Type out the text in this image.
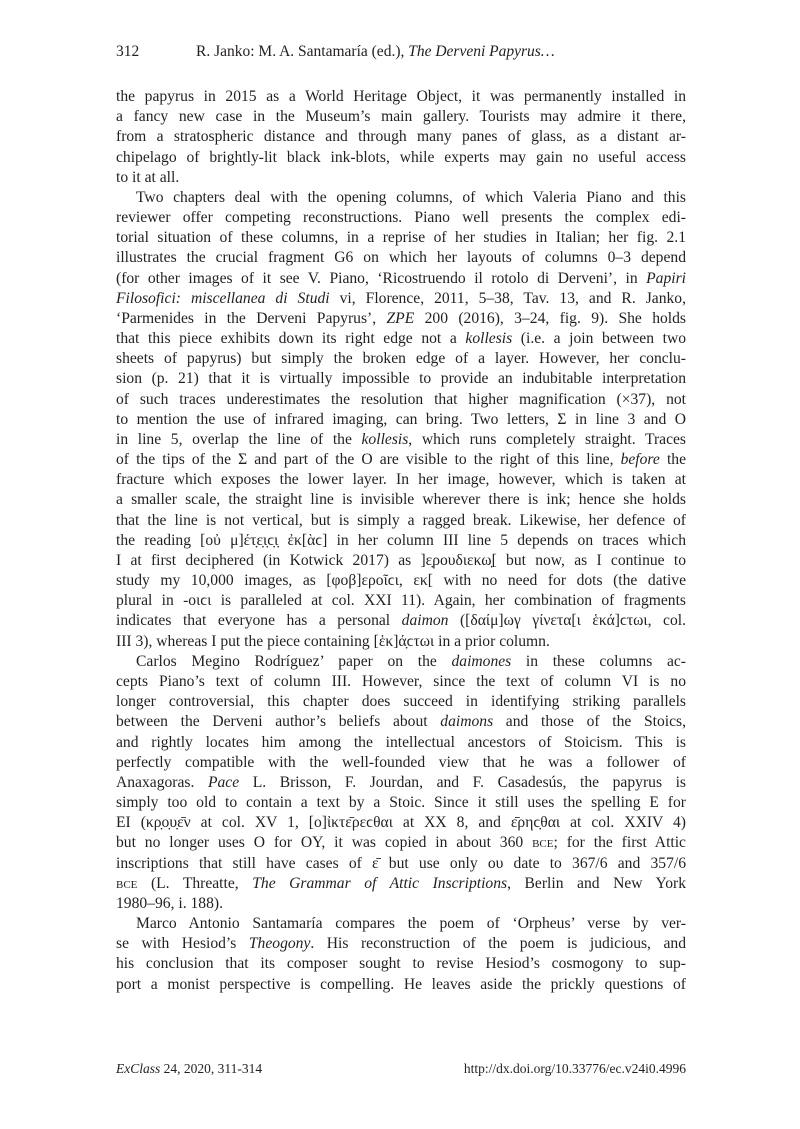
312	R. Janko: M. A. Santamaría (ed.), The Derveni Papyrus…
the papyrus in 2015 as a World Heritage Object, it was permanently installed in
a fancy new case in the Museum’s main gallery. Tourists may admire it there,
from a stratospheric distance and through many panes of glass, as a distant ar-
chipelago of brightly-lit black ink-blots, while experts may gain no useful access
to it at all.
Two chapters deal with the opening columns, of which Valeria Piano and this
reviewer offer competing reconstructions. Piano well presents the complex edi-
torial situation of these columns, in a reprise of her studies in Italian; her fig. 2.1
illustrates the crucial fragment G6 on which her layouts of columns 0–3 depend
(for other images of it see V. Piano, ‘Ricostruendo il rotolo di Derveni’, in Papiri
Filosofici: miscellanea di Studi vi, Florence, 2011, 5–38, Tav. 13, and R. Janko,
‘Parmenides in the Derveni Papyrus’, ZPE 200 (2016), 3–24, fig. 9). She holds
that this piece exhibits down its right edge not a kollesis (i.e. a join between two
sheets of papyrus) but simply the broken edge of a layer. However, her conclu-
sion (p. 21) that it is virtually impossible to provide an indubitable interpretation
of such traces underestimates the resolution that higher magnification (×37), not
to mention the use of infrared imaging, can bring. Two letters, Σ in line 3 and O
in line 5, overlap the line of the kollesis, which runs completely straight. Traces
of the tips of the Σ and part of the O are visible to the right of this line, before the
fracture which exposes the lower layer. In her image, however, which is taken at
a smaller scale, the straight line is invisible wherever there is ink; hence she holds
that the line is not vertical, but is simply a ragged break. Likewise, her defence of
the reading [οὐ μ]έτ̣ε̣ι̣ϲ̣ι̣ ἐκ[ὰϲ] in her column III line 5 depends on traces which
I at first deciphered (in Kotwick 2017) as ]ε̣ρουδιεκω̣[ but now, as I continue to
study my 10,000 images, as [φοβ]εροῖϲι, εκ[ with no need for dots (the dative
plural in -οιϲι is paralleled at col. XXI 11). Again, her combination of fragments
indicates that everyone has a personal daimon ([δαίμ]ωγ γίνετα[ι ἑκά]ϲτωι, col.
III 3), whereas I put the piece containing [ἑκ]ά̣ϲτωι in a prior column.
Carlos Megino Rodríguez’ paper on the daimones in these columns ac-
cepts Piano’s text of column III. However, since the text of column VI is no
longer controversial, this chapter does succeed in identifying striking parallels
between the Derveni author’s beliefs about daimons and those of the Stoics,
and rightly locates him among the intellectual ancestors of Stoicism. This is
perfectly compatible with the well-founded view that he was a follower of
Anaxagoras. Pace L. Brisson, F. Jourdan, and F. Casadesús, the papyrus is
simply too old to contain a text by a Stoic. Since it still uses the spelling E for
EI (κρ̣ο̣υ̣ε̄ν at col. XV 1, [ο]ἰκτε̄ρεϲθαι at XX 8, and ε̄ρηϲ̣θαι at col. XXIV 4)
but no longer uses O for OY, it was copied in about 360 bce; for the first Attic
inscriptions that still have cases of ε̄ but use only ου date to 367/6 and 357/6
bce (L. Threatte, The Grammar of Attic Inscriptions, Berlin and New York
1980–96, i. 188).
Marco Antonio Santamaría compares the poem of ‘Orpheus’ verse by ver-
se with Hesiod’s Theogony. His reconstruction of the poem is judicious, and
his conclusion that its composer sought to revise Hesiod’s cosmogony to sup-
port a monist perspective is compelling. He leaves aside the prickly questions of
ExClass 24, 2020, 311-314	http://dx.doi.org/10.33776/ec.v24i0.4996
